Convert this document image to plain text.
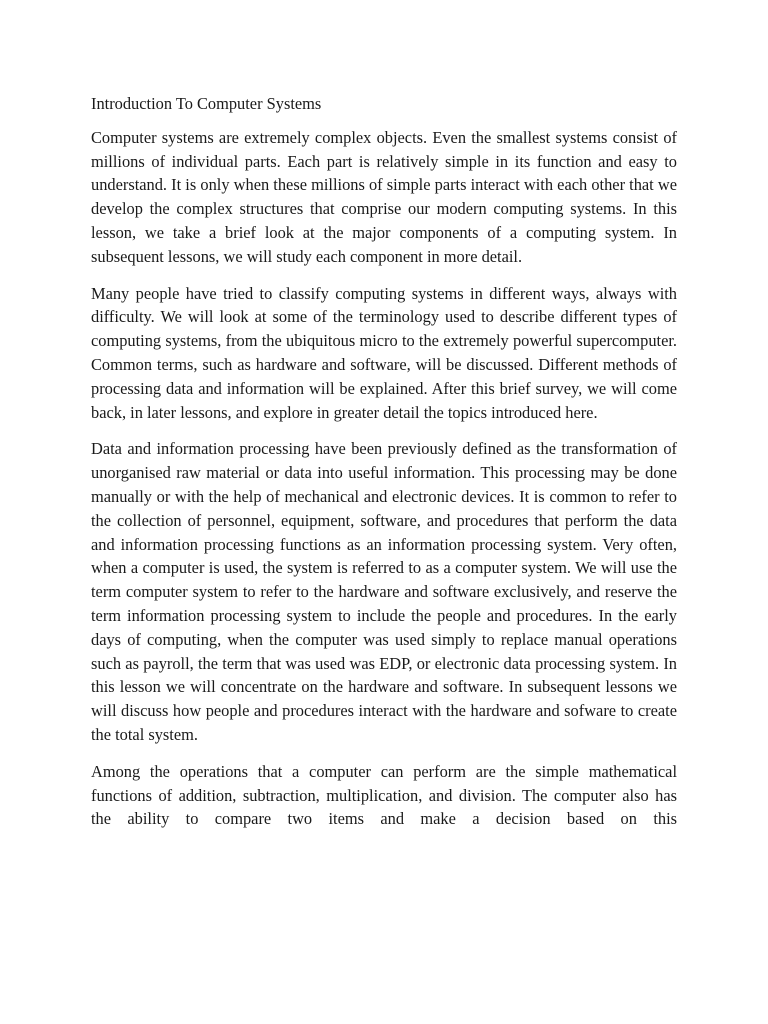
Introduction To Computer Systems

Computer systems are extremely complex objects. Even the smallest systems consist of millions of individual parts. Each part is relatively simple in its function and easy to understand. It is only when these millions of simple parts interact with each other that we develop the complex structures that comprise our modern computing systems. In this lesson, we take a brief look at the major components of a computing system. In subsequent lessons, we will study each component in more detail.

Many people have tried to classify computing systems in different ways, always with difficulty. We will look at some of the terminology used to describe different types of computing systems, from the ubiquitous micro to the extremely powerful supercomputer. Common terms, such as hardware and software, will be discussed. Different methods of processing data and information will be explained. After this brief survey, we will come back, in later lessons, and explore in greater detail the topics introduced here.

Data and information processing have been previously defined as the transformation of unorganised raw material or data into useful information. This processing may be done manually or with the help of mechanical and electronic devices. It is common to refer to the collection of personnel, equipment, software, and procedures that perform the data and information processing functions as an information processing system. Very often, when a computer is used, the system is referred to as a computer system. We will use the term computer system to refer to the hardware and software exclusively, and reserve the term information processing system to include the people and procedures. In the early days of computing, when the computer was used simply to replace manual operations such as payroll, the term that was used was EDP, or electronic data processing system. In this lesson we will concentrate on the hardware and software. In subsequent lessons we will discuss how people and procedures interact with the hardware and sofware to create the total system.

Among the operations that a computer can perform are the simple mathematical functions of addition, subtraction, multiplication, and division. The computer also has the ability to compare two items and make a decision based on this
